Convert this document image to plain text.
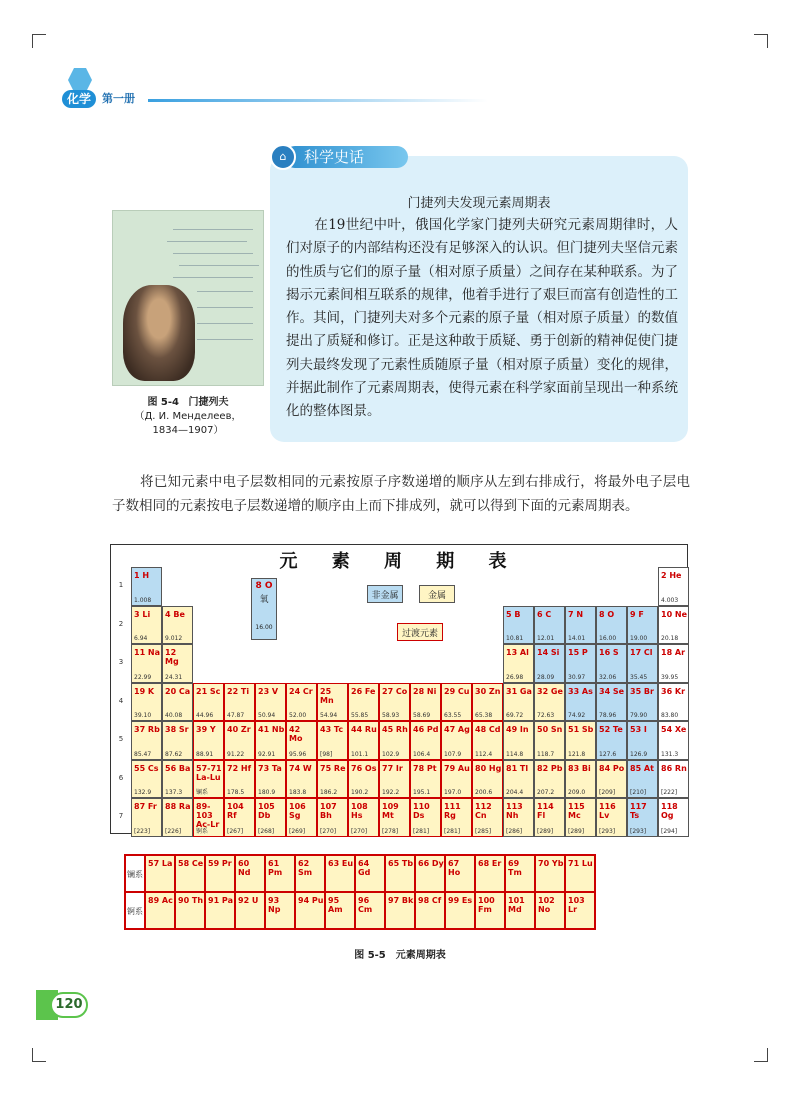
化学 第一册
⌂	科学史话
门捷列夫发现元素周期表
在19世纪中叶，俄国化学家门捷列夫研究元素周期律时，人们对原子的内部结构还没有足够深入的认识。但门捷列夫坚信元素的性质与它们的原子量（相对原子质量）之间存在某种联系。为了揭示元素间相互联系的规律，他着手进行了艰巨而富有创造性的工作。其间，门捷列夫对多个元素的原子量（相对原子质量）的数值提出了质疑和修订。正是这种敢于质疑、勇于创新的精神促使门捷列夫最终发现了元素性质随原子量（相对原子质量）变化的规律，并据此制作了元素周期表，使得元素在科学家面前呈现出一种系统化的整体图景。
图 5-4 门捷列夫
（Д. И. Менделеев，
1834—1907）
将已知元素中电子层数相同的元素按原子序数递增的顺序从左到右排成行，将最外电子层电子数相同的元素按电子层数递增的顺序由上而下排成列，就可以得到下面的元素周期表。
元 素 周 期 表
8 O
氧
16.00
非金属	金属
过渡元素
1
2
3
4
5
6
7
1 H
1.008
2 He
4.003
3 Li
6.94
4 Be
9.012
5 B
10.81
6 C
12.01
7 N
14.01
8 O
16.00
9 F
19.00
10 Ne
20.18
11 Na
22.99
12 Mg
24.31
13 Al
26.98
14 Si
28.09
15 P
30.97
16 S
32.06
17 Cl
35.45
18 Ar
39.95
19 K
39.10
20 Ca
40.08
21 Sc
44.96
22 Ti
47.87
23 V
50.94
24 Cr
52.00
25 Mn
54.94
26 Fe
55.85
27 Co
58.93
28 Ni
58.69
29 Cu
63.55
30 Zn
65.38
31 Ga
69.72
32 Ge
72.63
33 As
74.92
34 Se
78.96
35 Br
79.90
36 Kr
83.80
37 Rb
85.47
38 Sr
87.62
39 Y
88.91
40 Zr
91.22
41 Nb
92.91
42 Mo
95.96
43 Tc
[98]
44 Ru
101.1
45 Rh
102.9
46 Pd
106.4
47 Ag
107.9
48 Cd
112.4
49 In
114.8
50 Sn
118.7
51 Sb
121.8
52 Te
127.6
53 I
126.9
54 Xe
131.3
55 Cs
132.9
56 Ba
137.3
57-71 La-Lu
镧系
72 Hf
178.5
73 Ta
180.9
74 W
183.8
75 Re
186.2
76 Os
190.2
77 Ir
192.2
78 Pt
195.1
79 Au
197.0
80 Hg
200.6
81 Tl
204.4
82 Pb
207.2
83 Bi
209.0
84 Po
[209]
85 At
[210]
86 Rn
[222]
87 Fr
[223]
88 Ra
[226]
89-103 Ac-Lr
锕系
104 Rf
[267]
105 Db
[268]
106 Sg
[269]
107 Bh
[270]
108 Hs
[270]
109 Mt
[278]
110 Ds
[281]
111 Rg
[281]
112 Cn
[285]
113 Nh
[286]
114 Fl
[289]
115 Mc
[289]
116 Lv
[293]
117 Ts
[293]
118 Og
[294]
镧系
57 La 58 Ce 59 Pr 60 Nd
61 Pm
62 Sm
63 Eu 64 Gd
65 Tb 66 Dy 67 Ho
68 Er 69 Tm
70 Yb 71 Lu
锕系
89 Ac 90 Th 91 Pa 92 U 93 Np
94 Pu 95 Am
96 Cm
97 Bk 98 Cf 99 Es 100 Fm
101 Md
102 No
103 Lr
图 5-5　元素周期表
120
